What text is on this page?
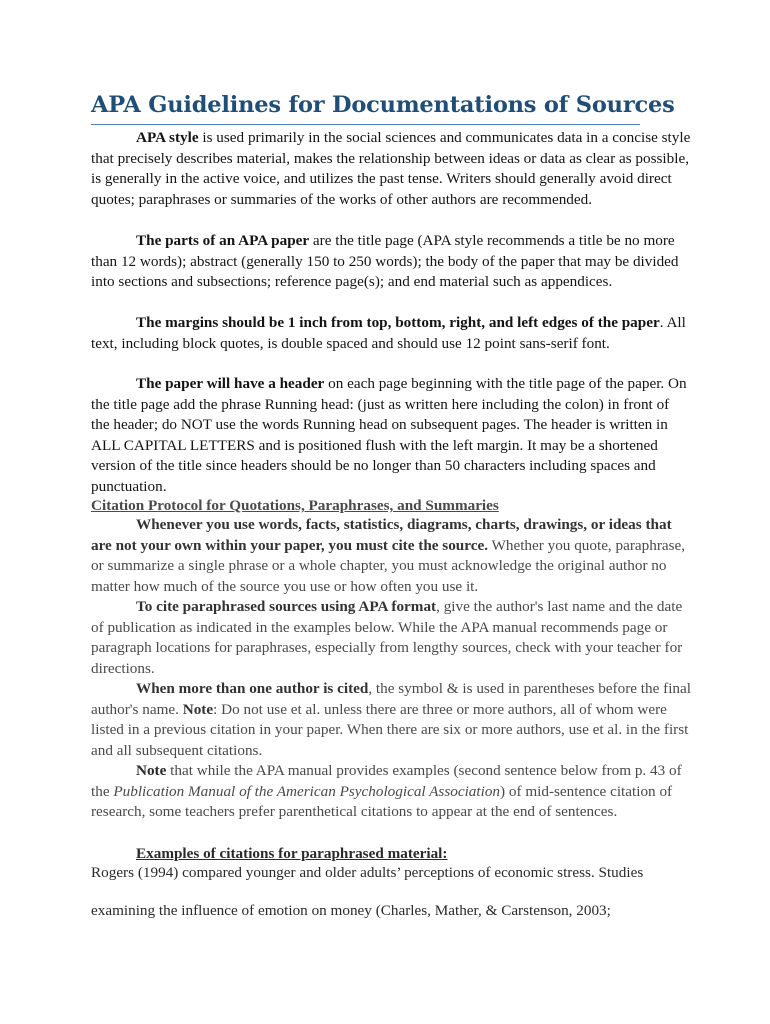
APA Guidelines for Documentations of Sources

APA style is used primarily in the social sciences and communicates data in a concise style that precisely describes material, makes the relationship between ideas or data as clear as possible, is generally in the active voice, and utilizes the past tense. Writers should generally avoid direct quotes; paraphrases or summaries of the works of other authors are recommended.

The parts of an APA paper are the title page (APA style recommends a title be no more than 12 words); abstract (generally 150 to 250 words); the body of the paper that may be divided into sections and subsections; reference page(s); and end material such as appendices.

The margins should be 1 inch from top, bottom, right, and left edges of the paper. All text, including block quotes, is double spaced and should use 12 point sans-serif font.

The paper will have a header on each page beginning with the title page of the paper. On the title page add the phrase Running head: (just as written here including the colon) in front of the header; do NOT use the words Running head on subsequent pages. The header is written in ALL CAPITAL LETTERS and is positioned flush with the left margin. It may be a shortened version of the title since headers should be no longer than 50 characters including spaces and punctuation.

Citation Protocol for Quotations, Paraphrases, and Summaries

Whenever you use words, facts, statistics, diagrams, charts, drawings, or ideas that are not your own within your paper, you must cite the source. Whether you quote, paraphrase, or summarize a single phrase or a whole chapter, you must acknowledge the original author no matter how much of the source you use or how often you use it.

To cite paraphrased sources using APA format, give the author's last name and the date of publication as indicated in the examples below. While the APA manual recommends page or paragraph locations for paraphrases, especially from lengthy sources, check with your teacher for directions.

When more than one author is cited, the symbol & is used in parentheses before the final author's name. Note: Do not use et al. unless there are three or more authors, all of whom were listed in a previous citation in your paper. When there are six or more authors, use et al. in the first and all subsequent citations.

Note that while the APA manual provides examples (second sentence below from p. 43 of the Publication Manual of the American Psychological Association) of mid-sentence citation of research, some teachers prefer parenthetical citations to appear at the end of sentences.

Examples of citations for paraphrased material:

Rogers (1994) compared younger and older adults’ perceptions of economic stress. Studies

examining the influence of emotion on money (Charles, Mather, & Carstenson, 2003;
